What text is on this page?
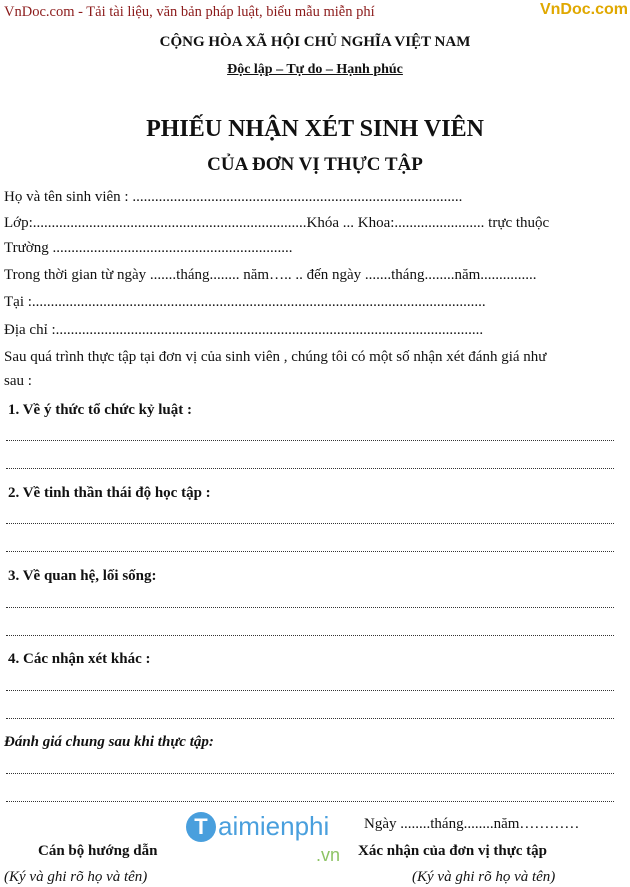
VnDoc.com - Tải tài liệu, văn bản pháp luật, biểu mẫu miễn phí	VnDoc.com
CỘNG HÒA XÃ HỘI CHỦ NGHĨA VIỆT NAM
Độc lập – Tự do – Hạnh phúc
PHIẾU NHẬN XÉT SINH VIÊN
CỦA ĐƠN VỊ THỰC TẬP
Họ và tên sinh viên : ........................................................................................
Lớp:.........................................................................Khóa ... Khoa:........................ trực thuộc
Trường ................................................................
Trong thời gian từ ngày .......tháng........ năm….. .. đến ngày .......tháng........năm...............
Tại :.........................................................................................................................
Địa chỉ :..................................................................................................................
Sau quá trình thực tập tại đơn vị của sinh viên , chúng tôi có một số nhận xét đánh giá như
sau :
1. Về ý thức tổ chức kỷ luật :
2. Về tinh thần thái độ học tập :
3. Về quan hệ, lối sống:
4. Các nhận xét khác :
Đánh giá chung sau khi thực tập:
Ngày ........tháng........năm…………
Cán bộ hướng dẫn
(Ký và ghi rõ họ và tên)
Xác nhận của đơn vị thực tập
(Ký và ghi rõ họ và tên)
T aimienphi
.vn
